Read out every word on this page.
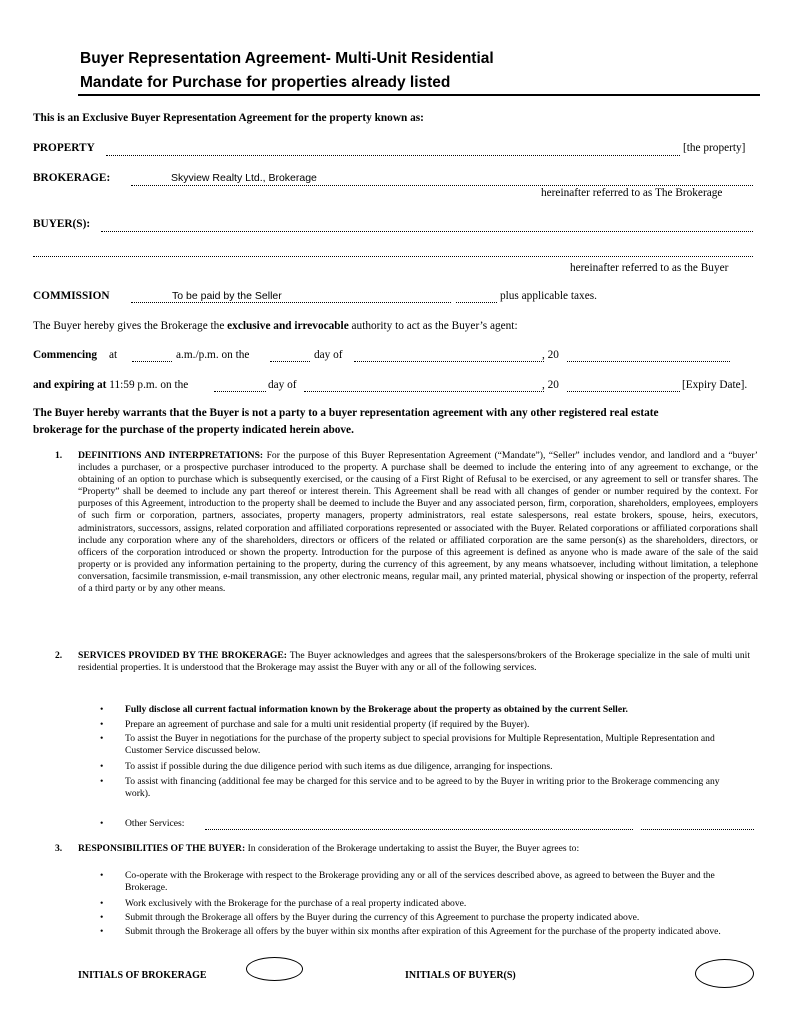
Buyer Representation Agreement- Multi-Unit Residential
Mandate for Purchase for properties already listed
This is an Exclusive Buyer Representation Agreement for the property known as:
PROPERTY	[the property]
BROKERAGE:	Skyview Realty Ltd., Brokerage
hereinafter referred to as The Brokerage
BUYER(S):
hereinafter referred to as the Buyer
COMMISSION	To be paid by the Seller	plus applicable taxes.
The Buyer hereby gives the Brokerage the exclusive and irrevocable authority to act as the Buyer’s agent:
Commencing at	a.m./p.m. on the	day of	, 20
and expiring at 11:59 p.m. on the	day of	, 20	[Expiry Date].
The Buyer hereby warrants that the Buyer is not a party to a buyer representation agreement with any other registered real estate
brokerage for the purchase of the property indicated herein above.
1. DEFINITIONS AND INTERPRETATIONS: For the purpose of this Buyer Representation Agreement (“Mandate”), “Seller” includes vendor, and landlord and a “buyer’ includes a purchaser, or a prospective purchaser introduced to the property. A purchase shall be deemed to include the entering into of any agreement to exchange, or the obtaining of an option to purchase which is subsequently exercised, or the causing of a First Right of Refusal to be exercised, or any agreement to sell or transfer shares. The “Property” shall be deemed to include any part thereof or interest therein. This Agreement shall be read with all changes of gender or number required by the context. For purposes of this Agreement, introduction to the property shall be deemed to include the Buyer and any associated person, firm, corporation, shareholders, employees, employers of such firm or corporation, partners, associates, property managers, property administrators, real estate salespersons, real estate brokers, spouse, heirs, executors, administrators, successors, assigns, related corporation and affiliated corporations represented or associated with the Buyer. Related corporations or affiliated corporations shall include any corporation where any of the shareholders, directors or officers of the related or affiliated corporation are the same person(s) as the shareholders, directors, or officers of the corporation introduced or shown the property. Introduction for the purpose of this agreement is defined as anyone who is made aware of the sale of the said property or is provided any information pertaining to the property, during the currency of this agreement, by any means whatsoever, including without limitation, a telephone conversation, facsimile transmission, e-mail transmission, any other electronic means, regular mail, any printed material, physical showing or inspection of the property, referral of a third party or by any other means.
2. SERVICES PROVIDED BY THE BROKERAGE: The Buyer acknowledges and agrees that the salespersons/brokers of the Brokerage specialize in the sale of multi unit residential properties. It is understood that the Brokerage may assist the Buyer with any or all of the following services.
• Fully disclose all current factual information known by the Brokerage about the property as obtained by the current Seller.
• Prepare an agreement of purchase and sale for a multi unit residential property (if required by the Buyer).
• To assist the Buyer in negotiations for the purchase of the property subject to special provisions for Multiple Representation, Multiple Representation and Customer Service discussed below.
• To assist if possible during the due diligence period with such items as due diligence, arranging for inspections.
• To assist with financing (additional fee may be charged for this service and to be agreed to by the Buyer in writing prior to the Brokerage commencing any work).
• Other Services:
3. RESPONSIBILITIES OF THE BUYER: In consideration of the Brokerage undertaking to assist the Buyer, the Buyer agrees to:
• Co-operate with the Brokerage with respect to the Brokerage providing any or all of the services described above, as agreed to between the Buyer and the Brokerage.
• Work exclusively with the Brokerage for the purchase of a real property indicated above.
• Submit through the Brokerage all offers by the Buyer during the currency of this Agreement to purchase the property indicated above.
• Submit through the Brokerage all offers by the buyer within six months after expiration of this Agreement for the purchase of the property indicated above.
INITIALS OF BROKERAGE	INITIALS OF BUYER(S)
